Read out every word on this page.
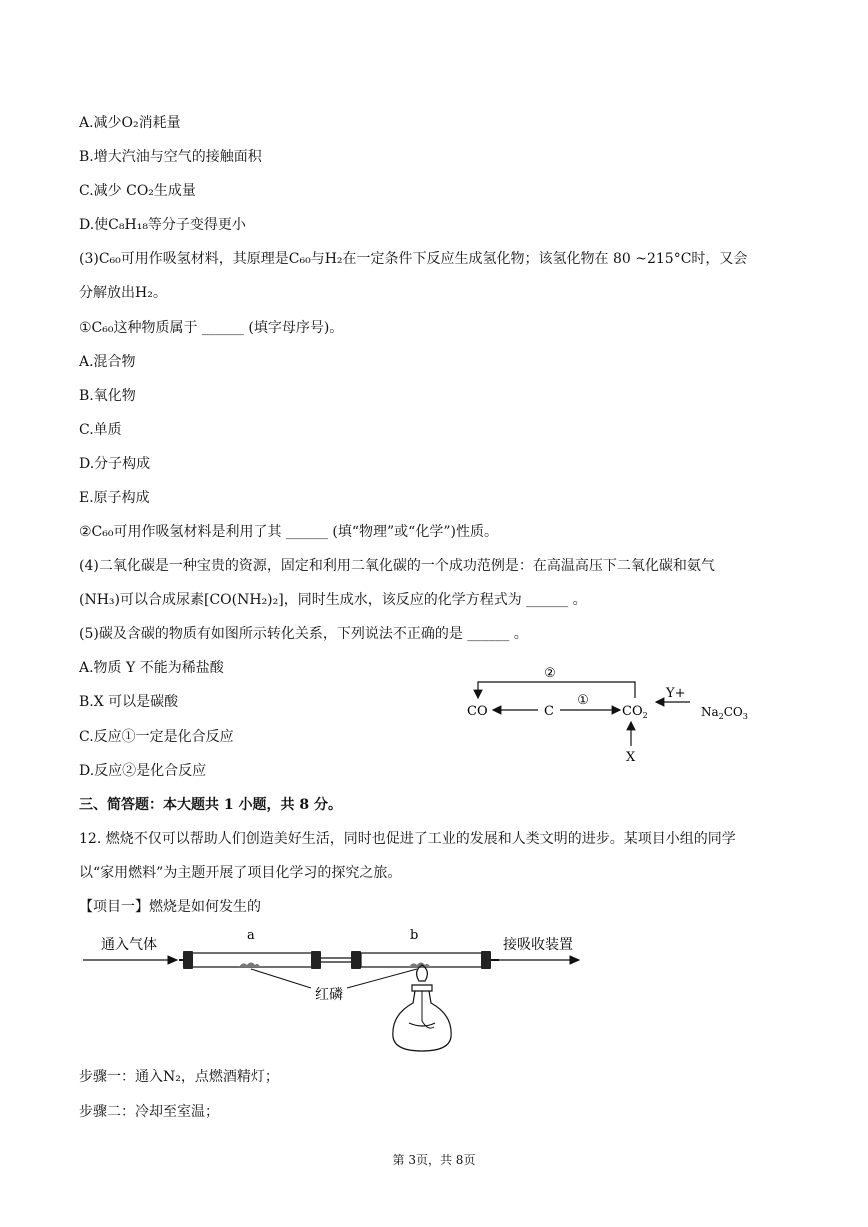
A.减少O₂消耗量
B.增大汽油与空气的接触面积
C.减少 CO₂生成量
D.使C₈H₁₈等分子变得更小
(3)C₆₀可用作吸氢材料，其原理是C₆₀与H₂在一定条件下反应生成氢化物；该氢化物在 80 ~215°C时，又会
分解放出H₂。
①C₆₀这种物质属于 ______ (填字母序号)。
A.混合物
B.氧化物
C.单质
D.分子构成
E.原子构成
②C₆₀可用作吸氢材料是利用了其 ______ (填“物理”或“化学”)性质。
(4)二氧化碳是一种宝贵的资源，固定和利用二氧化碳的一个成功范例是：在高温高压下二氧化碳和氨气
(NH₃)可以合成尿素[CO(NH₂)₂]，同时生成水，该反应的化学方程式为 ______ 。
(5)碳及含碳的物质有如图所示转化关系，下列说法不正确的是 ______ 。
A.物质 Y 不能为稀盐酸
B.X 可以是碳酸
C.反应①一定是化合反应
D.反应②是化合反应
②
①	Y+
X
CO	C	$CO_2$	$Na_2CO_3$
三、简答题：本大题共 1 小题，共 8 分。
12. 燃烧不仅可以帮助人们创造美好生活，同时也促进了工业的发展和人类文明的进步。某项目小组的同学
以“家用燃料”为主题开展了项目化学习的探究之旅。
【项目一】燃烧是如何发生的
通入气体
a	b
红磷
接吸收装置
步骤一：通入N₂，点燃酒精灯；
步骤二：冷却至室温；
第 3页，共 8页
